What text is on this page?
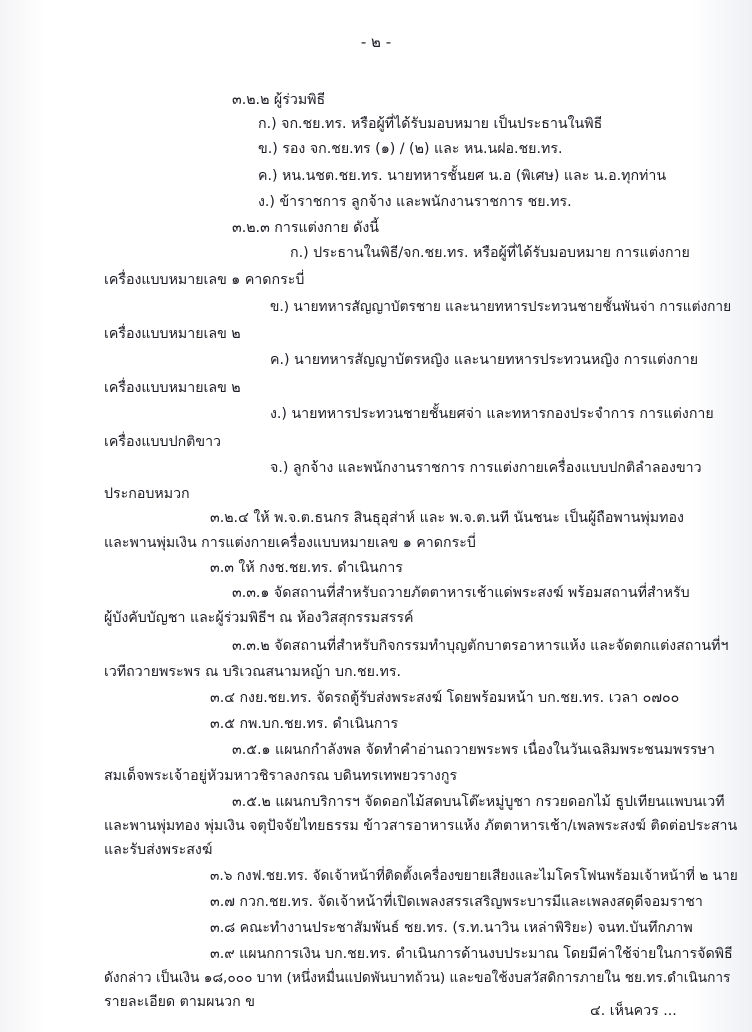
- ๒ -
๓.๒.๒ ผู้ร่วมพิธี
ก.) จก.ชย.ทร. หรือผู้ที่ได้รับมอบหมาย เป็นประธานในพิธี
ข.) รอง จก.ชย.ทร (๑) / (๒) และ หน.นฝอ.ชย.ทร.
ค.) หน.นชต.ชย.ทร. นายทหารชั้นยศ น.อ (พิเศษ) และ น.อ.ทุกท่าน
ง.) ข้าราชการ ลูกจ้าง และพนักงานราชการ ชย.ทร.
๓.๒.๓ การแต่งกาย ดังนี้
ก.) ประธานในพิธี/จก.ชย.ทร. หรือผู้ที่ได้รับมอบหมาย การแต่งกาย
เครื่องแบบหมายเลข ๑ คาดกระบี่
ข.) นายทหารสัญญาบัตรชาย และนายทหารประทวนชายชั้นพันจ่า การแต่งกาย
เครื่องแบบหมายเลข ๒
ค.) นายทหารสัญญาบัตรหญิง และนายทหารประทวนหญิง การแต่งกาย
เครื่องแบบหมายเลข ๒
ง.) นายทหารประทวนชายชั้นยศจ่า และทหารกองประจำการ การแต่งกาย
เครื่องแบบปกติขาว
จ.) ลูกจ้าง และพนักงานราชการ การแต่งกายเครื่องแบบปกติลำลองขาว
ประกอบหมวก
๓.๒.๔ ให้ พ.จ.ต.ธนกร สินธุอุส่าห์ และ พ.จ.ต.นที นันชนะ เป็นผู้ถือพานพุ่มทอง
และพานพุ่มเงิน การแต่งกายเครื่องแบบหมายเลข ๑ คาดกระบี่
๓.๓ ให้ กงช.ชย.ทร. ดำเนินการ
๓.๓.๑ จัดสถานที่สำหรับถวายภัตตาหารเช้าแด่พระสงฆ์ พร้อมสถานที่สำหรับ
ผู้บังคับบัญชา และผู้ร่วมพิธีฯ ณ ห้องวิสสุกรรมสรรค์
๓.๓.๒ จัดสถานที่สำหรับกิจกรรมทำบุญตักบาตรอาหารแห้ง และจัดตกแต่งสถานที่ฯ
เวทีถวายพระพร ณ บริเวณสนามหญ้า บก.ชย.ทร.
๓.๔ กงย.ชย.ทร. จัดรถตู้รับส่งพระสงฆ์ โดยพร้อมหน้า บก.ชย.ทร. เวลา ๐๗๐๐
๓.๕ กพ.บก.ชย.ทร. ดำเนินการ
๓.๕.๑ แผนกกำลังพล จัดทำคำอ่านถวายพระพร เนื่องในวันเฉลิมพระชนมพรรษา
สมเด็จพระเจ้าอยู่หัวมหาวชิราลงกรณ บดินทรเทพยวรางกูร
๓.๕.๒ แผนกบริการฯ จัดดอกไม้สดบนโต๊ะหมู่บูชา กรวยดอกไม้ ธูปเทียนแพบนเวที
และพานพุ่มทอง พุ่มเงิน จตุปัจจัยไทยธรรม ข้าวสารอาหารแห้ง ภัตตาหารเช้า/เพลพระสงฆ์ ติดต่อประสาน
และรับส่งพระสงฆ์
๓.๖ กงฟ.ชย.ทร. จัดเจ้าหน้าที่ติดตั้งเครื่องขยายเสียงและไมโครโฟนพร้อมเจ้าหน้าที่ ๒ นาย
๓.๗ กวก.ชย.ทร. จัดเจ้าหน้าที่เปิดเพลงสรรเสริญพระบารมีและเพลงสดุดีจอมราชา
๓.๘ คณะทำงานประชาสัมพันธ์ ชย.ทร. (ร.ท.นาวิน เหล่าพิริยะ) จนท.บันทึกภาพ
๓.๙ แผนกการเงิน บก.ชย.ทร. ดำเนินการด้านงบประมาณ โดยมีค่าใช้จ่ายในการจัดพิธี
ดังกล่าว เป็นเงิน ๑๘,๐๐๐ บาท (หนึ่งหมื่นแปดพันบาทถ้วน) และขอใช้งบสวัสดิการภายใน ชย.ทร.ดำเนินการ
รายละเอียด ตามผนวก ข
๔. เห็นควร ...
